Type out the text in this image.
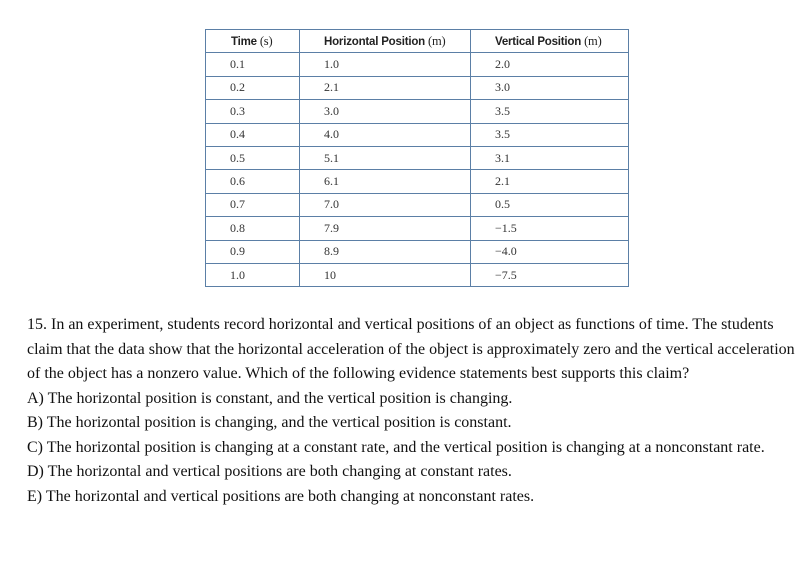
Time (s)	Horizontal Position (m)	Vertical Position (m)
0.1	1.0	2.0
0.2	2.1	3.0
0.3	3.0	3.5
0.4	4.0	3.5
0.5	5.1	3.1
0.6	6.1	2.1
0.7	7.0	0.5
0.8	7.9	−1.5
0.9	8.9	−4.0
1.0	10	−7.5

15. In an experiment, students record horizontal and vertical positions of an object as functions of time. The students claim that the data show that the horizontal acceleration of the object is approximately zero and the vertical acceleration of the object has a nonzero value. Which of the following evidence statements best supports this claim?

A) The horizontal position is constant, and the vertical position is changing.

B) The horizontal position is changing, and the vertical position is constant.

C) The horizontal position is changing at a constant rate, and the vertical position is changing at a nonconstant rate.

D) The horizontal and vertical positions are both changing at constant rates.

E) The horizontal and vertical positions are both changing at nonconstant rates.
